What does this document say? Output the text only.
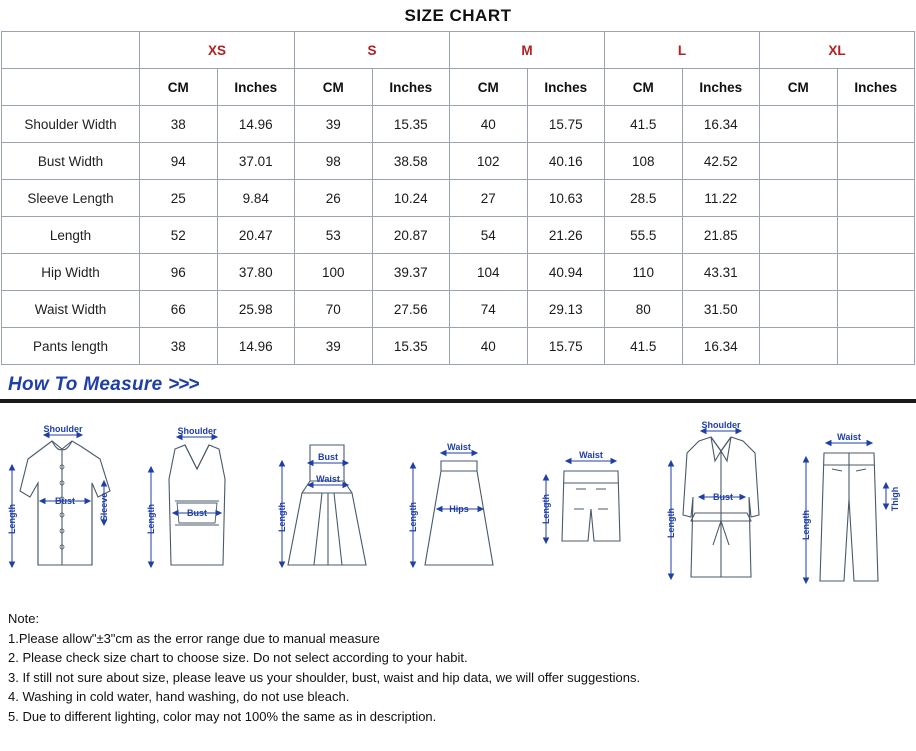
SIZE CHART
	XS		S		M		L		XL	
	CM	Inches	CM	Inches	CM	Inches	CM	Inches	CM	Inches
Shoulder Width	38	14.96	39	15.35	40	15.75	41.5	16.34		
Bust Width	94	37.01	98	38.58	102	40.16	108	42.52		
Sleeve Length	25	9.84	26	10.24	27	10.63	28.5	11.22		
Length	52	20.47	53	20.87	54	21.26	55.5	21.85		
Hip Width	96	37.80	100	39.37	104	40.94	110	43.31		
Waist Width	66	25.98	70	27.56	74	29.13	80	31.50		
Pants length	38	14.96	39	15.35	40	15.75	41.5	16.34		
How To Measure >>>
Shoulder
Bust
Length	Sleeve
Shoulder
Bust
Length
Bust
Waist
Length
Waist
Hips
Length
Waist
Length
Shoulder
Bust
Length
Waist
Thigh
Length
Note:
1.Please allow"±3"cm as the error range due to manual measure
2. Please check size chart to choose size. Do not select according to your habit.
3. If still not sure about size, please leave us your shoulder, bust, waist and hip data, we will offer suggestions.
4. Washing in cold water, hand washing, do not use bleach.
5. Due to different lighting, color may not 100% the same as in description.
